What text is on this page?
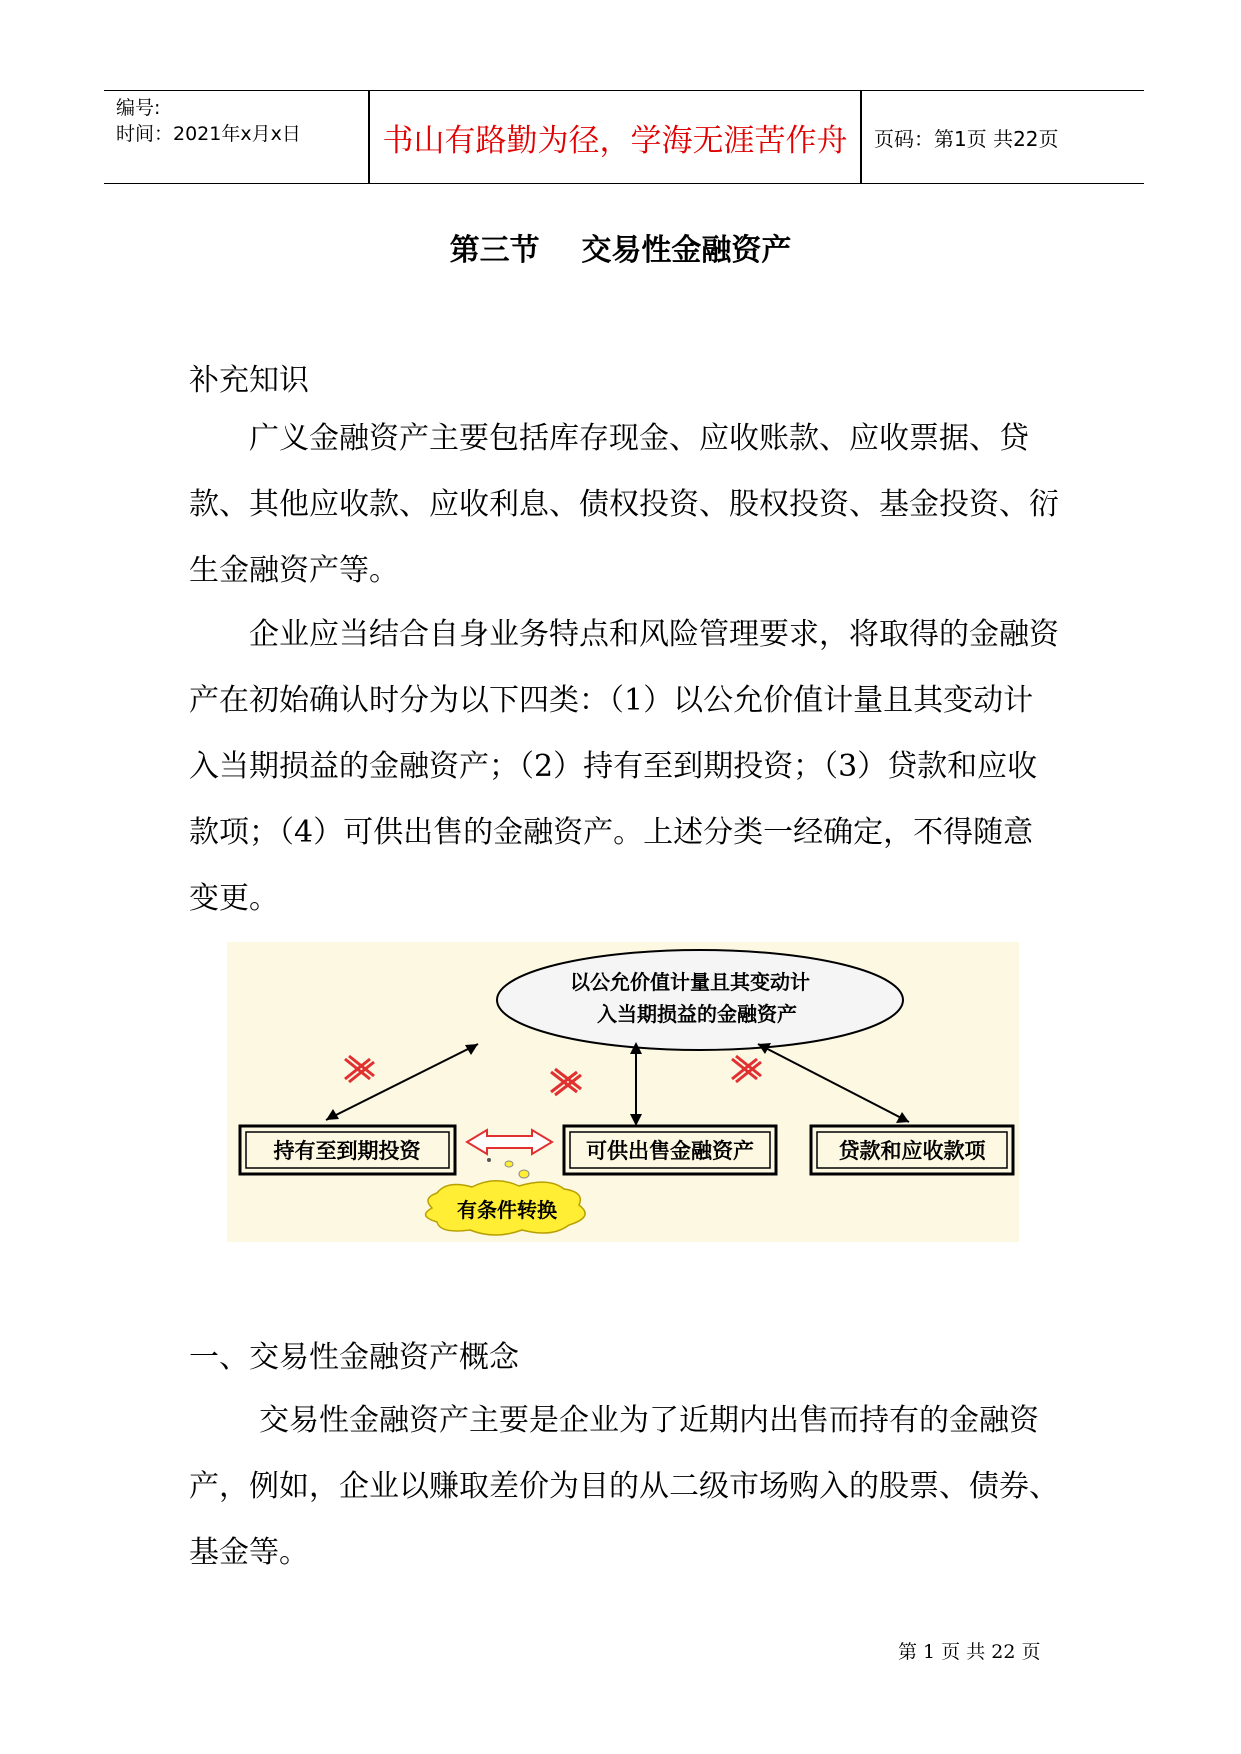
编号:
时间：2021年x月x日	书山有路勤为径，学海无涯苦作舟	页码：第1页 共22页
第三节    交易性金融资产
补充知识
广义金融资产主要包括库存现金、应收账款、应收票据、贷款、其他应收款、应收利息、债权投资、股权投资、基金投资、衍生金融资产等。
企业应当结合自身业务特点和风险管理要求，将取得的金融资产在初始确认时分为以下四类：（1）以公允价值计量且其变动计入当期损益的金融资产；（2）持有至到期投资；（3）贷款和应收款项；（4）可供出售的金融资产。上述分类一经确定，不得随意变更。
以公允价值计量且其变动计
入当期损益的金融资产
持有至到期投资	可供出售金融资产	贷款和应收款项
有条件转换
一、交易性金融资产概念
交易性金融资产主要是企业为了近期内出售而持有的金融资产，例如，企业以赚取差价为目的从二级市场购入的股票、债券、基金等。
第 1 页 共 22 页
